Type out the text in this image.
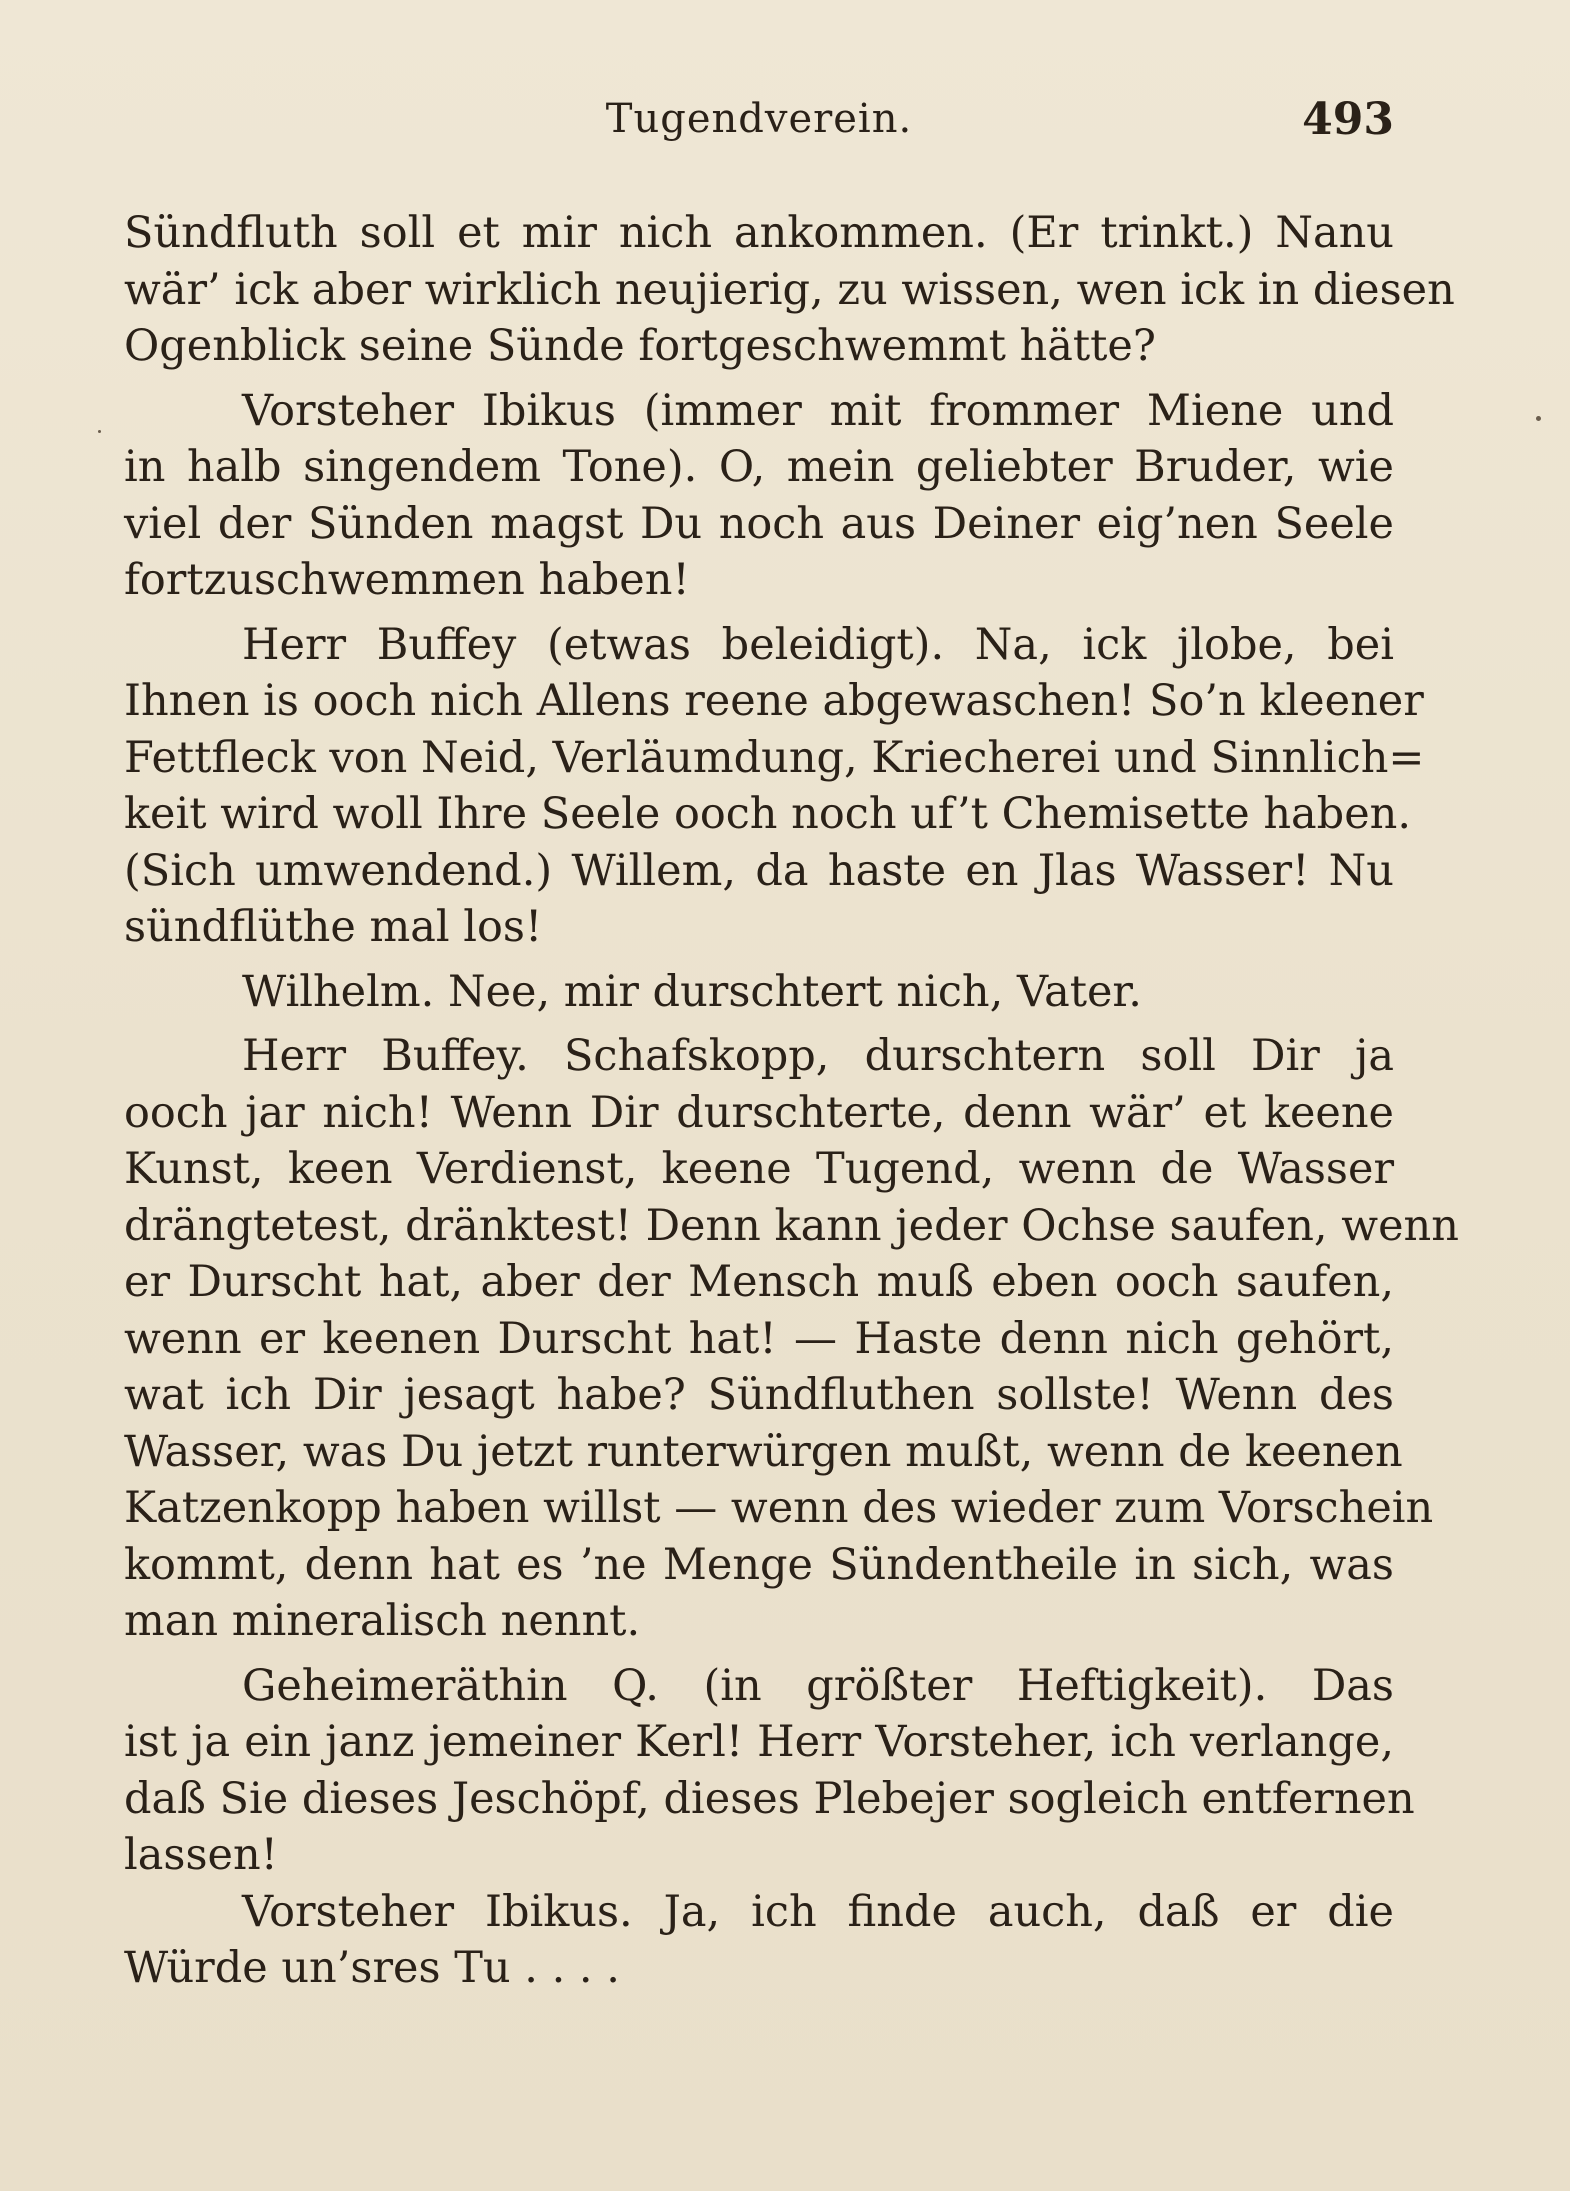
Tugendverein.	493
Sündfluth soll et mir nich ankommen. (Er trinkt.) Nanu
wär’ ick aber wirklich neujierig, zu wissen, wen ick in diesen
Ogenblick seine Sünde fortgeschwemmt hätte?
Vorsteher Ibikus (immer mit frommer Miene und
in halb singendem Tone). O, mein geliebter Bruder, wie
viel der Sünden magst Du noch aus Deiner eig’nen Seele
fortzuschwemmen haben!
Herr Buffey (etwas beleidigt). Na, ick jlobe, bei
Ihnen is ooch nich Allens reene abgewaschen! So’n kleener
Fettfleck von Neid, Verläumdung, Kriecherei und Sinnlich=
keit wird woll Ihre Seele ooch noch uf’t Chemisette haben.
(Sich umwendend.) Willem, da haste en Jlas Wasser! Nu
sündflüthe mal los!
Wilhelm. Nee, mir durschtert nich, Vater.
Herr Buffey. Schafskopp, durschtern soll Dir ja
ooch jar nich! Wenn Dir durschterte, denn wär’ et keene
Kunst, keen Verdienst, keene Tugend, wenn de Wasser
drängtetest, dränktest! Denn kann jeder Ochse saufen, wenn
er Durscht hat, aber der Mensch muß eben ooch saufen,
wenn er keenen Durscht hat! — Haste denn nich gehört,
wat ich Dir jesagt habe? Sündfluthen sollste! Wenn des
Wasser, was Du jetzt runterwürgen mußt, wenn de keenen
Katzenkopp haben willst — wenn des wieder zum Vorschein
kommt, denn hat es ’ne Menge Sündentheile in sich, was
man mineralisch nennt.
Geheimeräthin Q. (in größter Heftigkeit). Das
ist ja ein janz jemeiner Kerl! Herr Vorsteher, ich verlange,
daß Sie dieses Jeschöpf, dieses Plebejer sogleich entfernen
lassen!
Vorsteher Ibikus. Ja, ich finde auch, daß er die
Würde un’sres Tu . . . .
